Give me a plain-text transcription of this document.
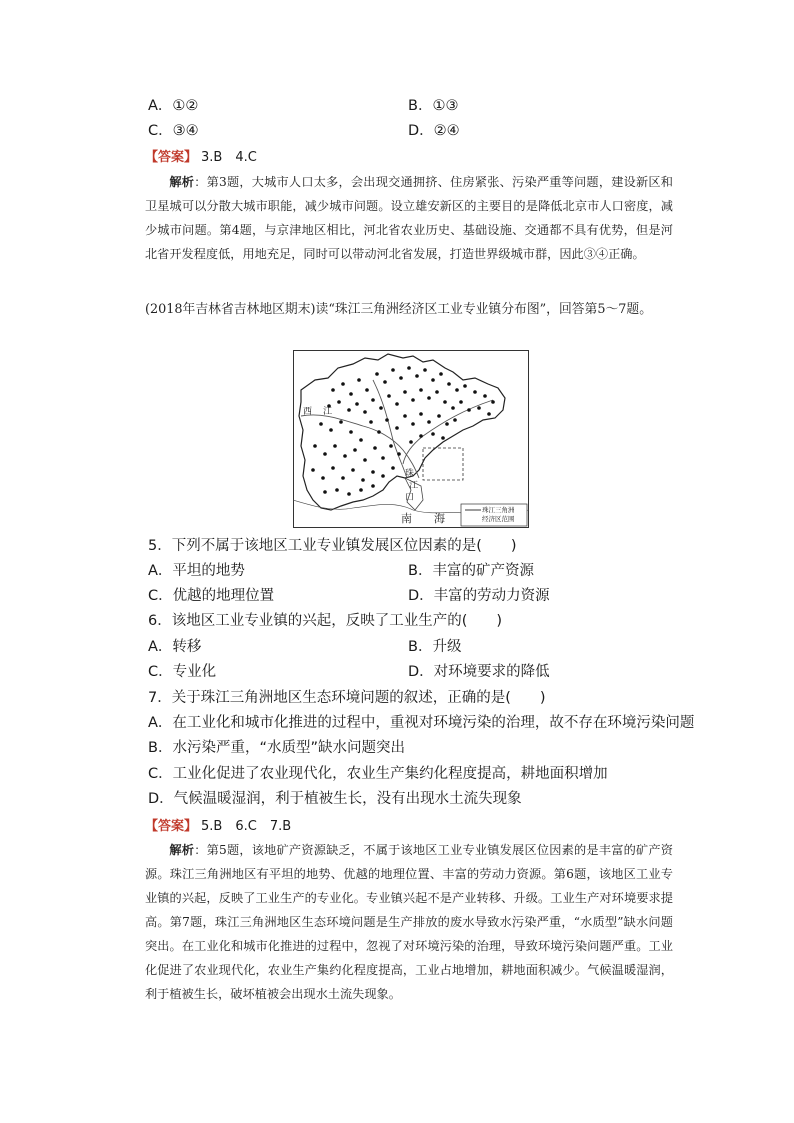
A．①②	B．①③
C．③④	D．②④
【答案】 3.B　4.C
解析：第3题，大城市人口太多，会出现交通拥挤、住房紧张、污染严重等问题，建设新区和卫星城可以分散大城市职能，减少城市问题。设立雄安新区的主要目的是降低北京市人口密度，减少城市问题。第4题，与京津地区相比，河北省农业历史、基础设施、交通都不具有优势，但是河北省开发程度低，用地充足，同时可以带动河北省发展，打造世界级城市群，因此③④正确。
(2018年吉林省吉林地区期末)读“珠江三角洲经济区工业专业镇分布图”，回答第5～7题。
西 江
珠
江
口
南　　海
珠江三角洲
经济区范围
5．下列不属于该地区工业专业镇发展区位因素的是(　　)
A．平坦的地势	B．丰富的矿产资源
C．优越的地理位置	D．丰富的劳动力资源
6．该地区工业专业镇的兴起，反映了工业生产的(　　)
A．转移	B．升级
C．专业化	D．对环境要求的降低
7．关于珠江三角洲地区生态环境问题的叙述，正确的是(　　)
A．在工业化和城市化推进的过程中，重视对环境污染的治理，故不存在环境污染问题
B．水污染严重，“水质型”缺水问题突出
C．工业化促进了农业现代化，农业生产集约化程度提高，耕地面积增加
D．气候温暖湿润，利于植被生长，没有出现水土流失现象
【答案】 5.B　6.C　7.B
解析：第5题，该地矿产资源缺乏，不属于该地区工业专业镇发展区位因素的是丰富的矿产资源。珠江三角洲地区有平坦的地势、优越的地理位置、丰富的劳动力资源。第6题，该地区工业专业镇的兴起，反映了工业生产的专业化。专业镇兴起不是产业转移、升级。工业生产对环境要求提高。第7题，珠江三角洲地区生态环境问题是生产排放的废水导致水污染严重，“水质型”缺水问题突出。在工业化和城市化推进的过程中，忽视了对环境污染的治理，导致环境污染问题严重。工业化促进了农业现代化，农业生产集约化程度提高，工业占地增加，耕地面积减少。气候温暖湿润，利于植被生长，破坏植被会出现水土流失现象。
